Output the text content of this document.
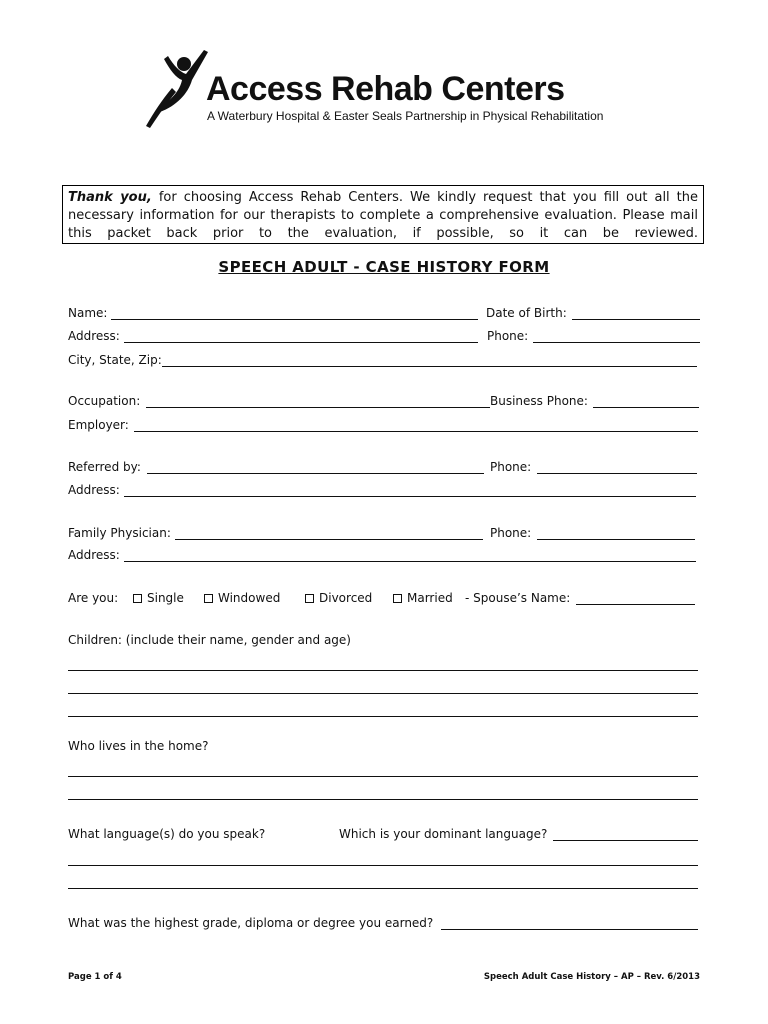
Access Rehab Centers
A Waterbury Hospital & Easter Seals Partnership in Physical Rehabilitation

Thank you, for choosing Access Rehab Centers. We kindly request that you fill out all the necessary information for our therapists to complete a comprehensive evaluation. Please mail this packet back prior to the evaluation, if possible, so it can be reviewed.

SPEECH ADULT - CASE HISTORY FORM
Name:	Date of Birth:
Address:	Phone:
City, State, Zip:
Occupation:	Business Phone:
Employer:
Referred by:	Phone:
Address:
Family Physician:	Phone:
Address:
Are you:	Single	Windowed	Divorced	Married - Spouse’s Name:
Children: (include their name, gender and age)
Who lives in the home?
What language(s) do you speak?	Which is your dominant language?
What was the highest grade, diploma or degree you earned?
Page 1 of 4	Speech Adult Case History – AP – Rev. 6/2013
